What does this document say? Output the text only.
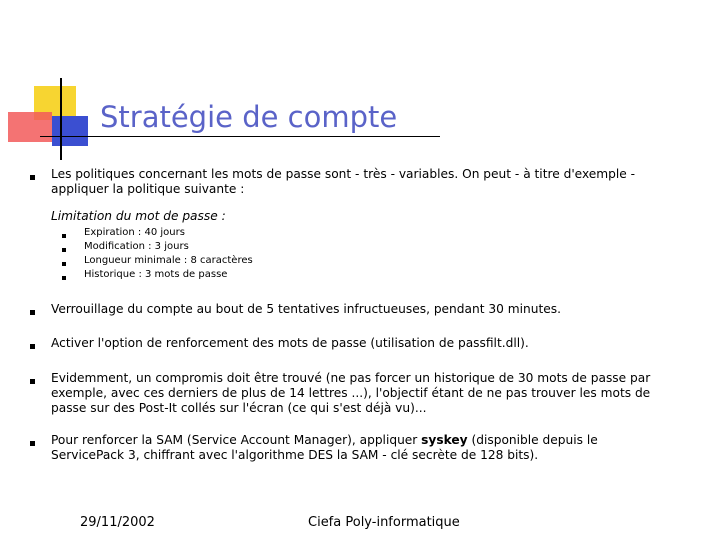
Stratégie de compte
Les politiques concernant les mots de passe sont - très - variables. On peut - à titre d'exemple - appliquer la politique suivante :
Limitation du mot de passe :
Expiration : 40 jours
Modification : 3 jours
Longueur minimale : 8 caractères
Historique : 3 mots de passe
Verrouillage du compte au bout de 5 tentatives infructueuses, pendant 30 minutes.
Activer l'option de renforcement des mots de passe (utilisation de passfilt.dll).
Evidemment, un compromis doit être trouvé (ne pas forcer un historique de 30 mots de passe par exemple, avec ces derniers de plus de 14 lettres ...), l'objectif étant de ne pas trouver les mots de passe sur des Post-It collés sur l'écran (ce qui s'est déjà vu)...
Pour renforcer la SAM (Service Account Manager), appliquer syskey (disponible depuis le ServicePack 3, chiffrant avec l'algorithme DES la SAM - clé secrète de 128 bits).
29/11/2002	Ciefa Poly-informatique
